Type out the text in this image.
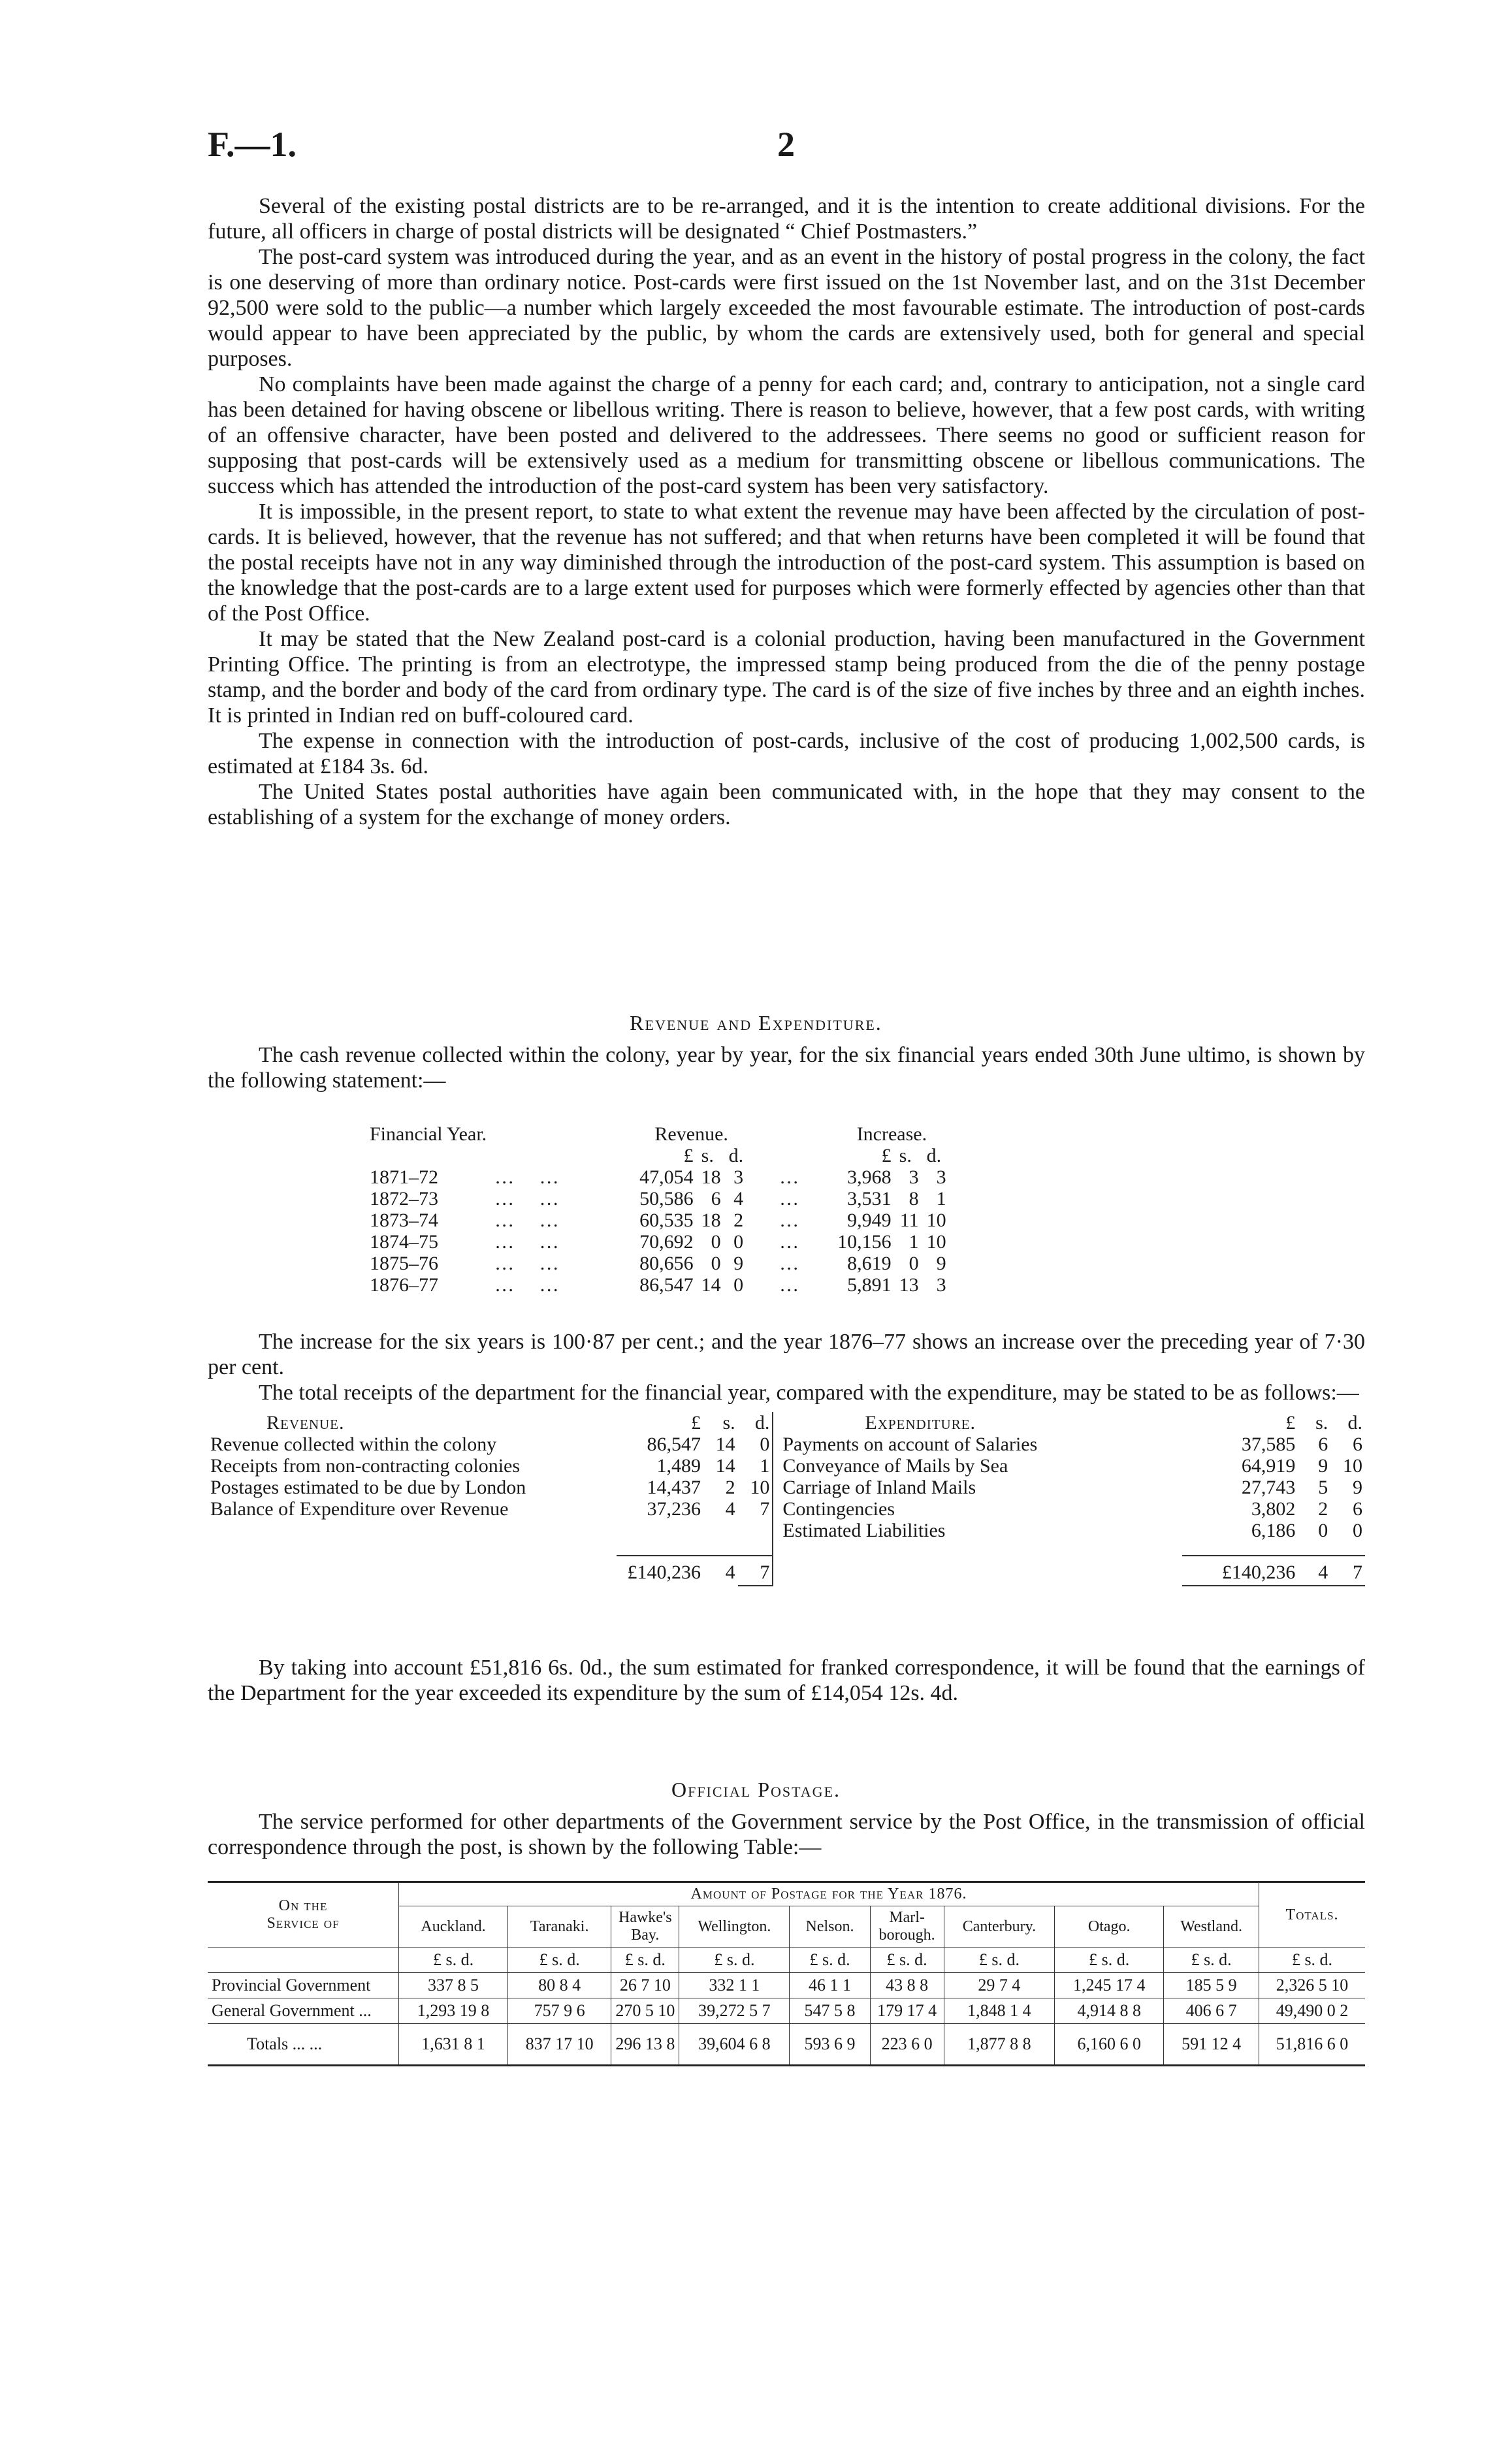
F.—1.	2

Several of the existing postal districts are to be re-arranged, and it is the intention to create additional divisions. For the future, all officers in charge of postal districts will be designated “ Chief Postmasters.”

The post-card system was introduced during the year, and as an event in the history of postal progress in the colony, the fact is one deserving of more than ordinary notice. Post-cards were first issued on the 1st November last, and on the 31st December 92,500 were sold to the public—a number which largely exceeded the most favourable estimate. The introduction of post-cards would appear to have been appreciated by the public, by whom the cards are extensively used, both for general and special purposes.

No complaints have been made against the charge of a penny for each card; and, contrary to anticipation, not a single card has been detained for having obscene or libellous writing. There is reason to believe, however, that a few post cards, with writing of an offensive character, have been posted and delivered to the addressees. There seems no good or sufficient reason for supposing that post-cards will be extensively used as a medium for transmitting obscene or libellous communications. The success which has attended the introduction of the post-card system has been very satisfactory.

It is impossible, in the present report, to state to what extent the revenue may have been affected by the circulation of post-cards. It is believed, however, that the revenue has not suffered; and that when returns have been completed it will be found that the postal receipts have not in any way diminished through the introduction of the post-card system. This assumption is based on the knowledge that the post-cards are to a large extent used for purposes which were formerly effected by agencies other than that of the Post Office.

It may be stated that the New Zealand post-card is a colonial production, having been manufactured in the Government Printing Office. The printing is from an electrotype, the impressed stamp being produced from the die of the penny postage stamp, and the border and body of the card from ordinary type. The card is of the size of five inches by three and an eighth inches. It is printed in Indian red on buff-coloured card.

The expense in connection with the introduction of post-cards, inclusive of the cost of producing 1,002,500 cards, is estimated at £184 3s. 6d.

The United States postal authorities have again been communicated with, in the hope that they may consent to the establishing of a system for the exchange of money orders.

Revenue and Expenditure.

The cash revenue collected within the colony, year by year, for the six financial years ended 30th June ultimo, is shown by the following statement:—

Financial Year.		Revenue.				Increase.		
		£	s.	d.		£	s.	d.
1871–72	…   …	47,054	18	3	…	3,968	3	3
1872–73	…   …	50,586	6	4	…	3,531	8	1
1873–74	…   …	60,535	18	2	…	9,949	11	10
1874–75	…   …	70,692	0	0	…	10,156	1	10
1875–76	…   …	80,656	0	9	…	8,619	0	9
1876–77	…   …	86,547	14	0	…	5,891	13	3

The increase for the six years is 100·87 per cent.; and the year 1876–77 shows an increase over the preceding year of 7·30 per cent.

The total receipts of the department for the financial year, compared with the expenditure, may be stated to be as follows:—

Revenue.	£	s.	d.	Expenditure.	£	s.	d.
Revenue collected within the colony	86,547	14	0	Payments on account of Salaries	37,585	6	6
Receipts from non-contracting colonies	1,489	14	1	Conveyance of Mails by Sea	64,919	9	10
Postages estimated to be due by London	14,437	2	10	Carriage of Inland Mails	27,743	5	9
Balance of Expenditure over Revenue	37,236	4	7	Contingencies	3,802	2	6
				Estimated Liabilities	6,186	0	0

	£140,236	4	7		£140,236	4	7

By taking into account £51,816 6s. 0d., the sum estimated for franked correspondence, it will be found that the earnings of the Department for the year exceeded its expenditure by the sum of £14,054 12s. 4d.

Official Postage.

The service performed for other departments of the Government service by the Post Office, in the transmission of official correspondence through the post, is shown by the following Table:—

On the
Service of	Amount of Postage for the Year 1876.									Totals.
	Auckland.	Taranaki.	Hawke's Bay.	Wellington.	Nelson.	Marl-borough.	Canterbury.	Otago.	Westland.	
	£ s. d.	£ s. d.	£ s. d.	£ s. d.	£ s. d.	£ s. d.	£ s. d.	£ s. d.	£ s. d.	£ s. d.
Provincial Government	337 8 5	80 8 4	26 7 10	332 1 1	46 1 1	43 8 8	29 7 4	1,245 17 4	185 5 9	2,326 5 10
General Government ...	1,293 19 8	757 9 6	270 5 10	39,272 5 7	547 5 8	179 17 4	1,848 1 4	4,914 8 8	406 6 7	49,490 0 2
Totals ... ...	1,631 8 1	837 17 10	296 13 8	39,604 6 8	593 6 9	223 6 0	1,877 8 8	6,160 6 0	591 12 4	51,816 6 0
